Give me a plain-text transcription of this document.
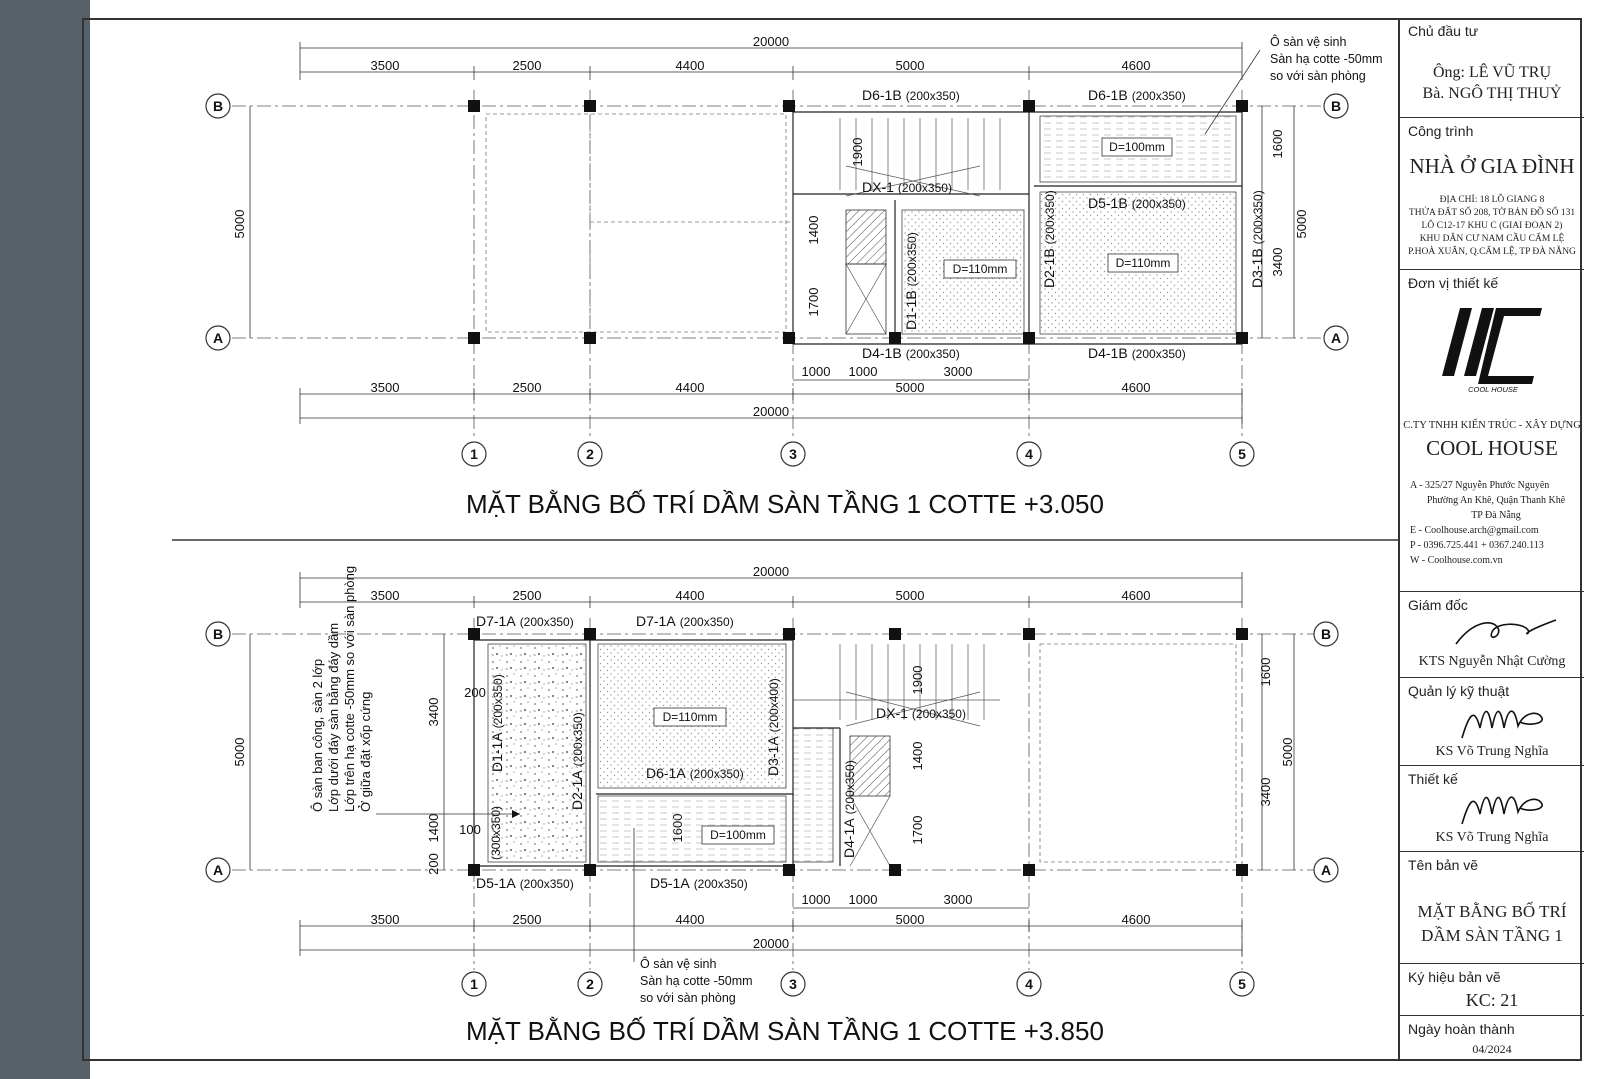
20000
3500	2500	4400	5000	4600
3500	2500	4400	5000	4600
20000
5000	5000
1600
3400
D6-1B (200x350)	D6-1B (200x350)
DX-1 (200x350)
D5-1B (200x350)
D4-1B (200x350)	D4-1B (200x350)
D1-1B(200x350)	D2-1B(200x350)
D3-1B(200x350)
D=100mm
D=110mm	D=110mm
1900
1400
1700
1000 1000	3000
Ô sàn vệ sinh
Sàn hạ cotte -50mm
so với sàn phòng
B	B
A	A
1	2	3	4	5
MẶT BẰNG BỐ TRÍ DẦM SÀN TẦNG 1 COTTE +3.050
20000
3500	2500	4400	5000	4600
3500	2500	4400	5000	4600
20000
5000	5000
1600
3400
3400
1400
200
200
100
D7-1A (200x350)	D7-1A (200x350)
DX-1 (200x350)
D6-1A (200x350)
D5-1A (200x350)	D5-1A (200x350)
D1-1A(200x350)
D2-1A(200x350)	D3-1A(200x400)
D4-1A(200x350)
(300x350)
D=110mm
D=100mm
1900
1400
1700
1000 1000	3000
Ô sàn ban công, sàn 2 lớp Lớp dưới đáy sàn bằng đáy dầm Lớp trên hạ cotte -50mm so với sàn phòng Ở giữa đặt xốp cứng
Ô sàn vệ sinh
Sàn hạ cotte -50mm
so với sàn phòng
B	B
A	A
1	2	3	4	5
MẶT BẰNG BỐ TRÍ DẦM SÀN TẦNG 1 COTTE +3.850
Chủ đầu tư
Ông: LÊ VŨ TRỤ
Bà. NGÔ THỊ THUỶ
Công trình
NHÀ Ở GIA ĐÌNH
ĐỊA CHỈ: 18 LÔ GIANG 8
THỬA ĐẤT SỐ 208, TỜ BẢN ĐỒ SỐ 131
LÔ C12-17 KHU C (GIAI ĐOẠN 2)
KHU DÂN CƯ NAM CẦU CẨM LỆ
P.HOÀ XUÂN, Q.CẨM LỆ, TP ĐÀ NẴNG
Đơn vị thiết kế
COOL HOUSE
C.TY TNHH KIẾN TRÚC - XÂY DỰNG
COOL HOUSE
A - 325/27 Nguyễn Phước Nguyên
Phường An Khê, Quận Thanh Khê
TP Đà Nẵng
E - Coolhouse.arch@gmail.com
P - 0396.725.441 + 0367.240.113
W - Coolhouse.com.vn
Giám đốc
KTS Nguyễn Nhật Cường
Quản lý kỹ thuật
KS Võ Trung Nghĩa
Thiết kế
KS Võ Trung Nghĩa
Tên bản vẽ
MẶT BẰNG BỐ TRÍ
DẦM SÀN TẦNG 1
Ký hiệu bản vẽ
KC: 21
Ngày hoàn thành
04/2024
